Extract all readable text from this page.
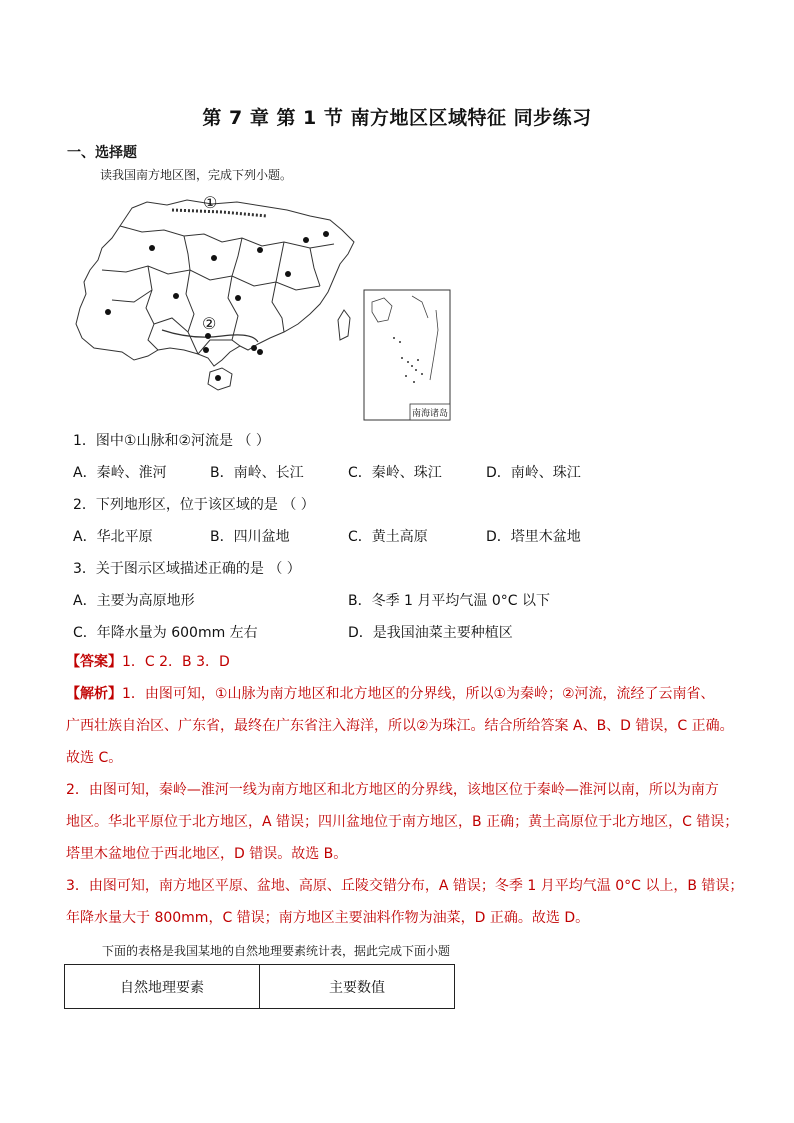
第 7 章 第 1 节 南方地区区域特征 同步练习
一、选择题
读我国南方地区图，完成下列小题。
①
②
南海诸岛
1．图中①山脉和②河流是 （ ）
A．秦岭、淮河	B．南岭、长江	C．秦岭、珠江	D．南岭、珠江
2．下列地形区，位于该区域的是 （ ）
A．华北平原	B．四川盆地	C．黄土高原	D．塔里木盆地
3．关于图示区域描述正确的是 （ ）
A．主要为高原地形	B．冬季 1 月平均气温 0°C 以下
C．年降水量为 600mm 左右	D．是我国油菜主要种植区
【答案】1．C 2．B 3．D
【解析】1．由图可知，①山脉为南方地区和北方地区的分界线，所以①为秦岭；②河流，流经了云南省、
广西壮族自治区、广东省，最终在广东省注入海洋，所以②为珠江。结合所给答案 A、B、D 错误，C 正确。
故选 C。
2．由图可知，秦岭—淮河一线为南方地区和北方地区的分界线，该地区位于秦岭—淮河以南，所以为南方
地区。华北平原位于北方地区，A 错误；四川盆地位于南方地区，B 正确；黄土高原位于北方地区，C 错误；
塔里木盆地位于西北地区，D 错误。故选 B。
3．由图可知，南方地区平原、盆地、高原、丘陵交错分布，A 错误；冬季 1 月平均气温 0°C 以上，B 错误；
年降水量大于 800mm，C 错误；南方地区主要油料作物为油菜，D 正确。故选 D。
下面的表格是我国某地的自然地理要素统计表，据此完成下面小题
自然地理要素	主要数值
